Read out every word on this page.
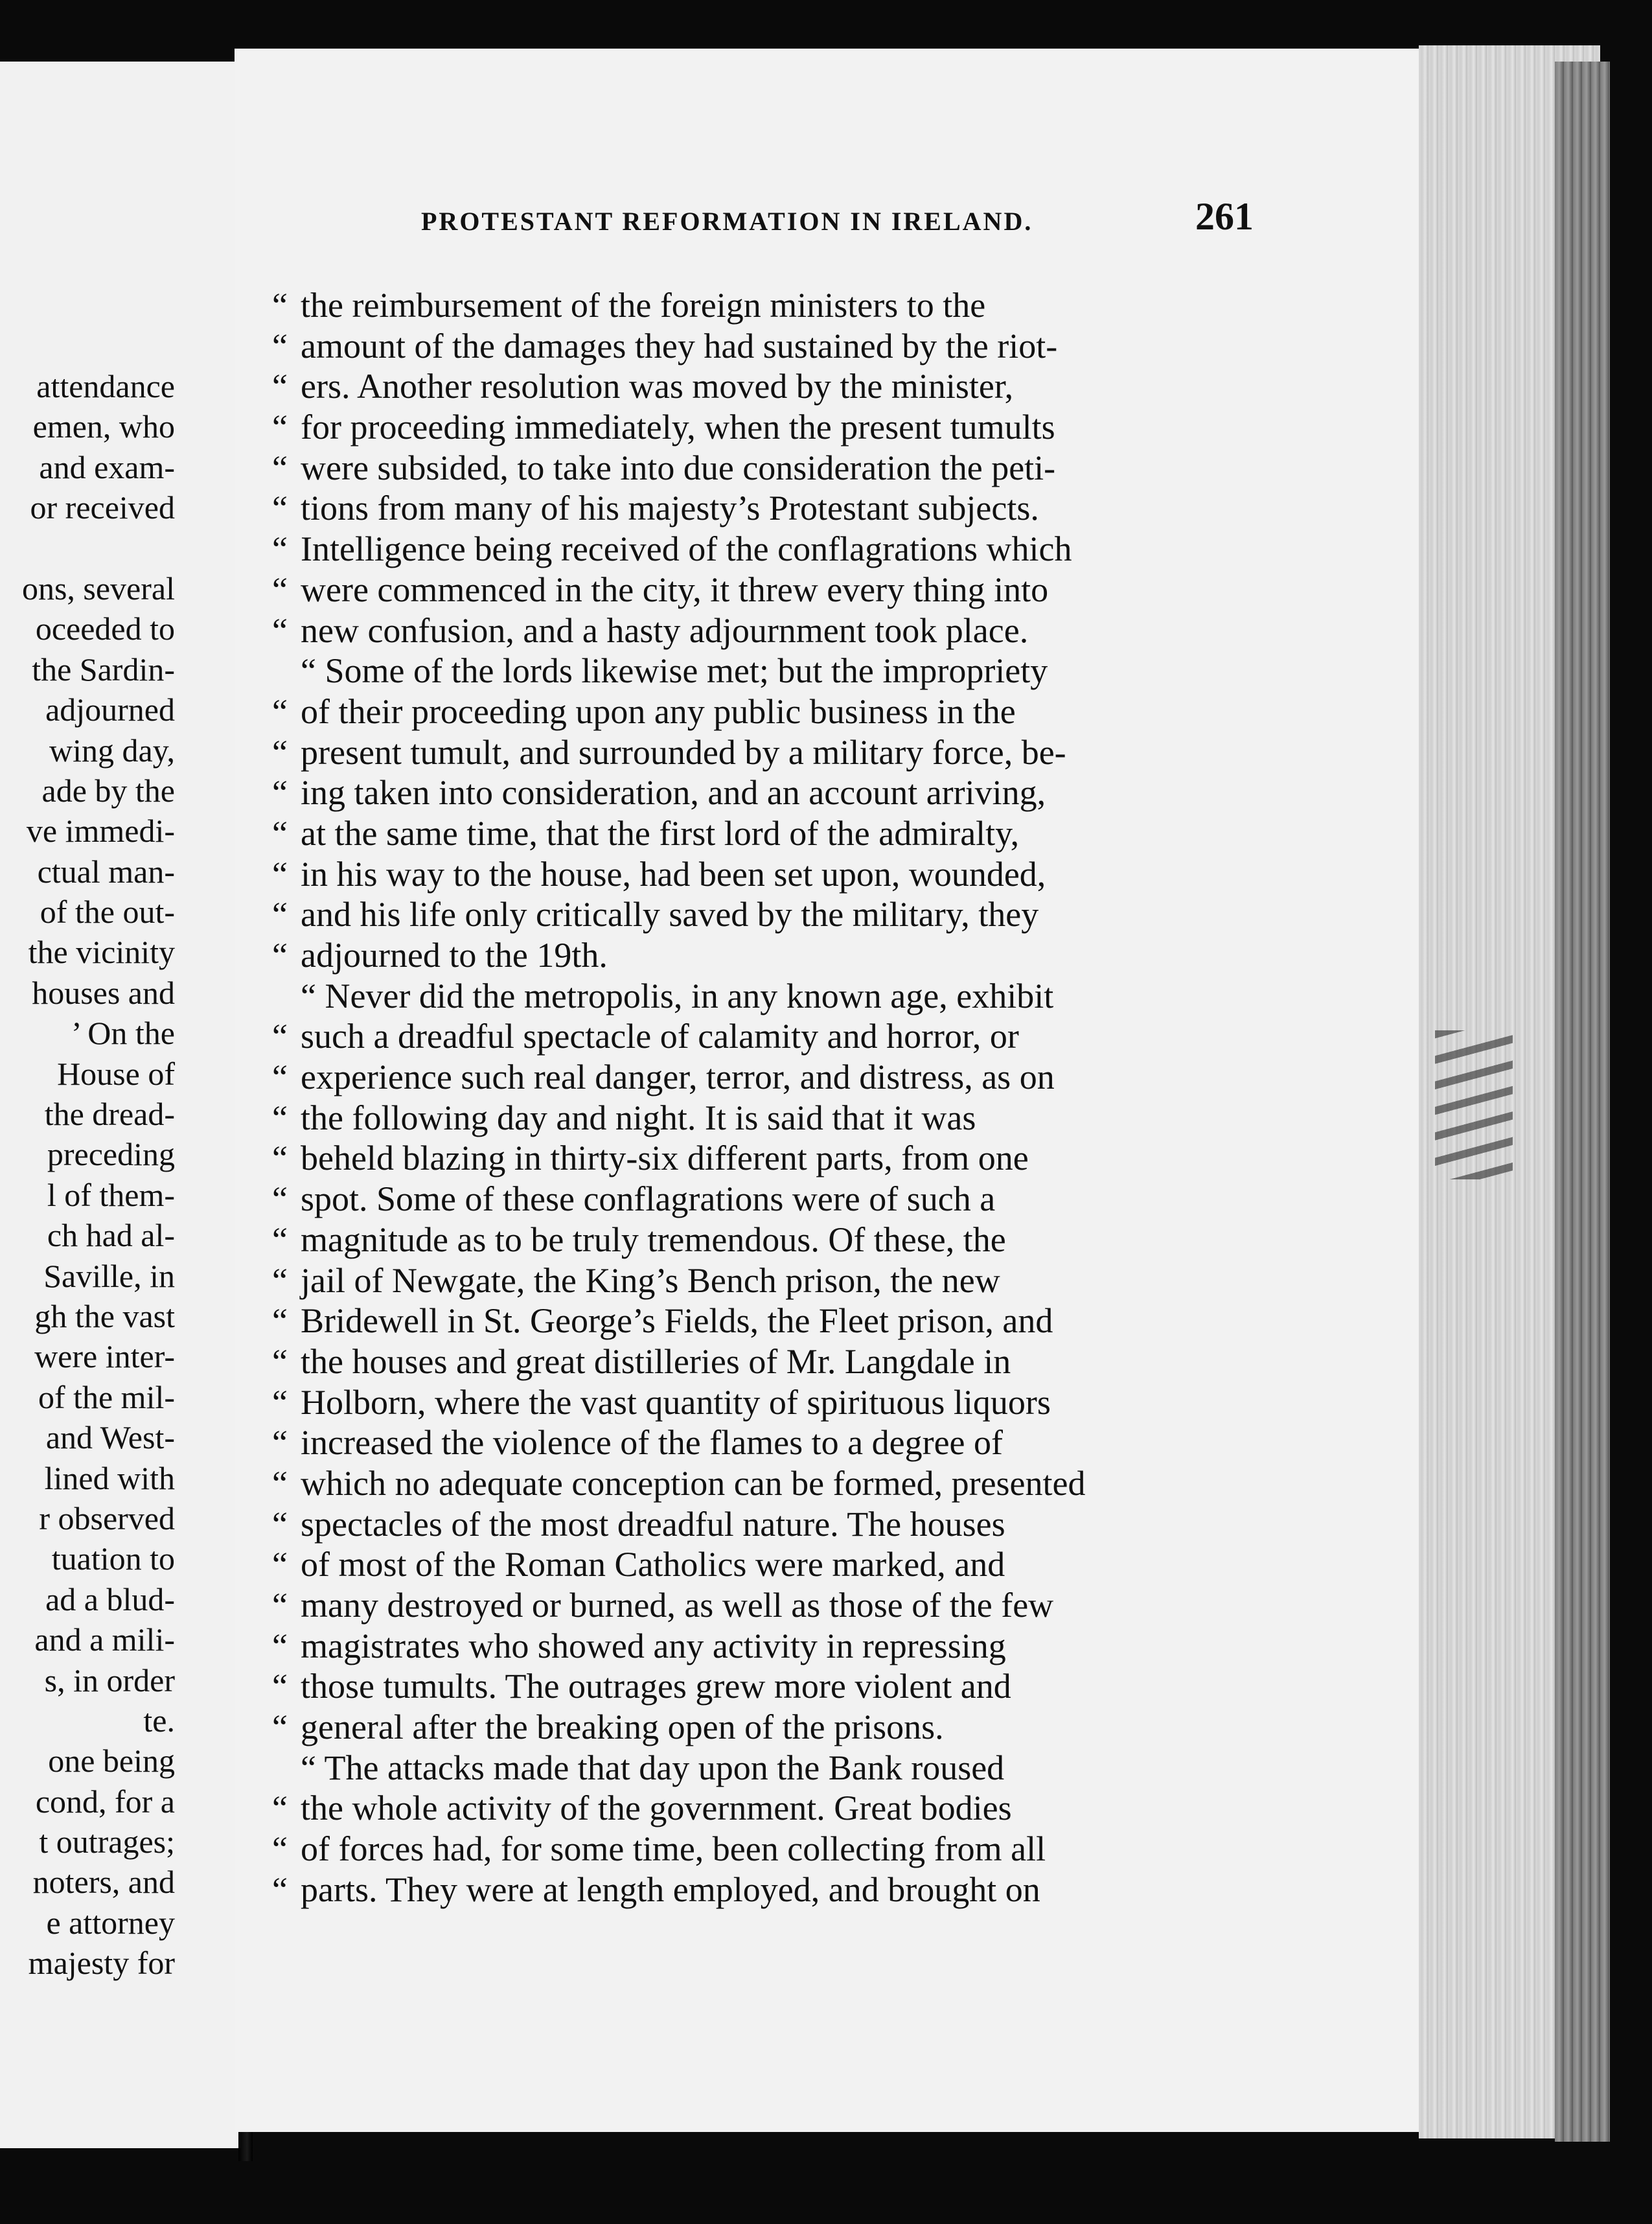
attendance
emen, who
and exam-
or received
ons, several
oceeded to
the Sardin-
adjourned
wing day,
ade by the
ve immedi-
ctual man-
of the out-
the vicinity
houses and
’ On the
House of
the dread-
preceding
l of them-
ch had al-
Saville, in
gh the vast
were inter-
of the mil-
and West-
lined with
r observed
tuation to
ad a blud-
and a mili-
s, in order
te.
one being
cond, for a
t outrages;
noters, and
e attorney
majesty for
PROTESTANT REFORMATION IN IRELAND.	261
“ the reimbursement of the foreign ministers to the
“ amount of the damages they had sustained by the riot-
“ ers. Another resolution was moved by the minister,
“ for proceeding immediately, when the present tumults
“ were subsided, to take into due consideration the peti-
“ tions from many of his majesty’s Protestant subjects.
“ Intelligence being received of the conflagrations which
“ were commenced in the city, it threw every thing into
“ new confusion, and a hasty adjournment took place.
“ Some of the lords likewise met; but the impropriety
“ of their proceeding upon any public business in the
“ present tumult, and surrounded by a military force, be-
“ ing taken into consideration, and an account arriving,
“ at the same time, that the first lord of the admiralty,
“ in his way to the house, had been set upon, wounded,
“ and his life only critically saved by the military, they
“ adjourned to the 19th.
“ Never did the metropolis, in any known age, exhibit
“ such a dreadful spectacle of calamity and horror, or
“ experience such real danger, terror, and distress, as on
“ the following day and night. It is said that it was
“ beheld blazing in thirty-six different parts, from one
“ spot. Some of these conflagrations were of such a
“ magnitude as to be truly tremendous. Of these, the
“ jail of Newgate, the King’s Bench prison, the new
“ Bridewell in St. George’s Fields, the Fleet prison, and
“ the houses and great distilleries of Mr. Langdale in
“ Holborn, where the vast quantity of spirituous liquors
“ increased the violence of the flames to a degree of
“ which no adequate conception can be formed, presented
“ spectacles of the most dreadful nature. The houses
“ of most of the Roman Catholics were marked, and
“ many destroyed or burned, as well as those of the few
“ magistrates who showed any activity in repressing
“ those tumults. The outrages grew more violent and
“ general after the breaking open of the prisons.
“ The attacks made that day upon the Bank roused
“ the whole activity of the government. Great bodies
“ of forces had, for some time, been collecting from all
“ parts. They were at length employed, and brought on
